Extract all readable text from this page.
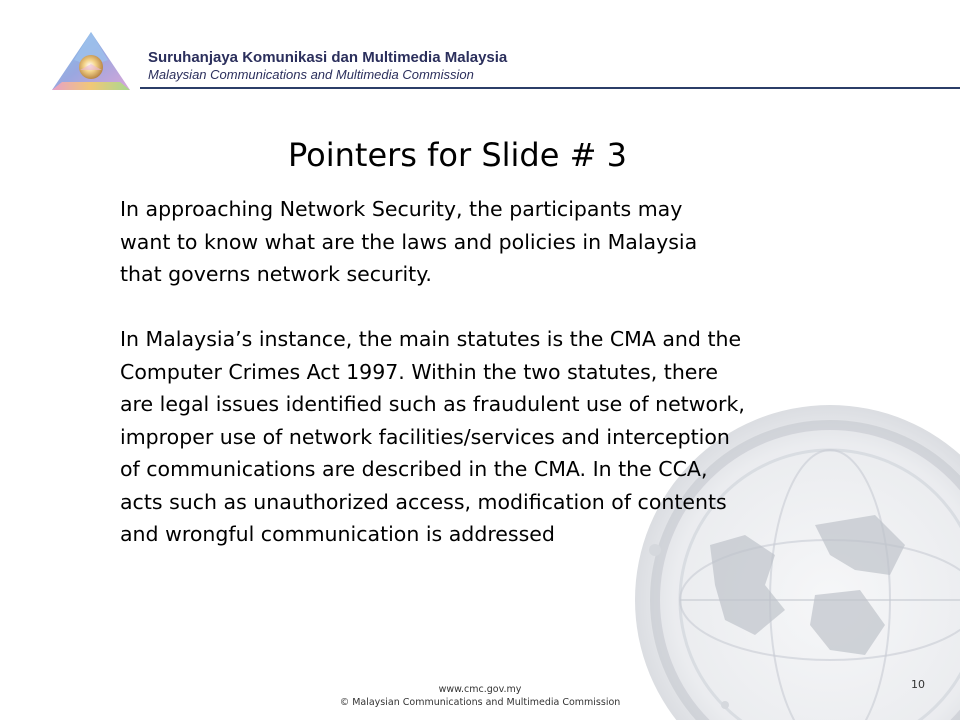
Suruhanjaya Komunikasi dan Multimedia Malaysia
Malaysian Communications and Multimedia Commission
Pointers for Slide # 3

In approaching Network Security, the participants may
want to know what are the laws and policies in Malaysia
that governs network security.

In Malaysia’s instance, the main statutes is the CMA and the
Computer Crimes Act 1997. Within the two statutes, there
are legal issues identified such as fraudulent use of network,
improper use of network facilities/services and interception
of communications are described in the CMA. In the CCA,
acts such as unauthorized access, modification of contents
and wrongful communication is addressed

www.cmc.gov.my
© Malaysian Communications and Multimedia Commission
10
